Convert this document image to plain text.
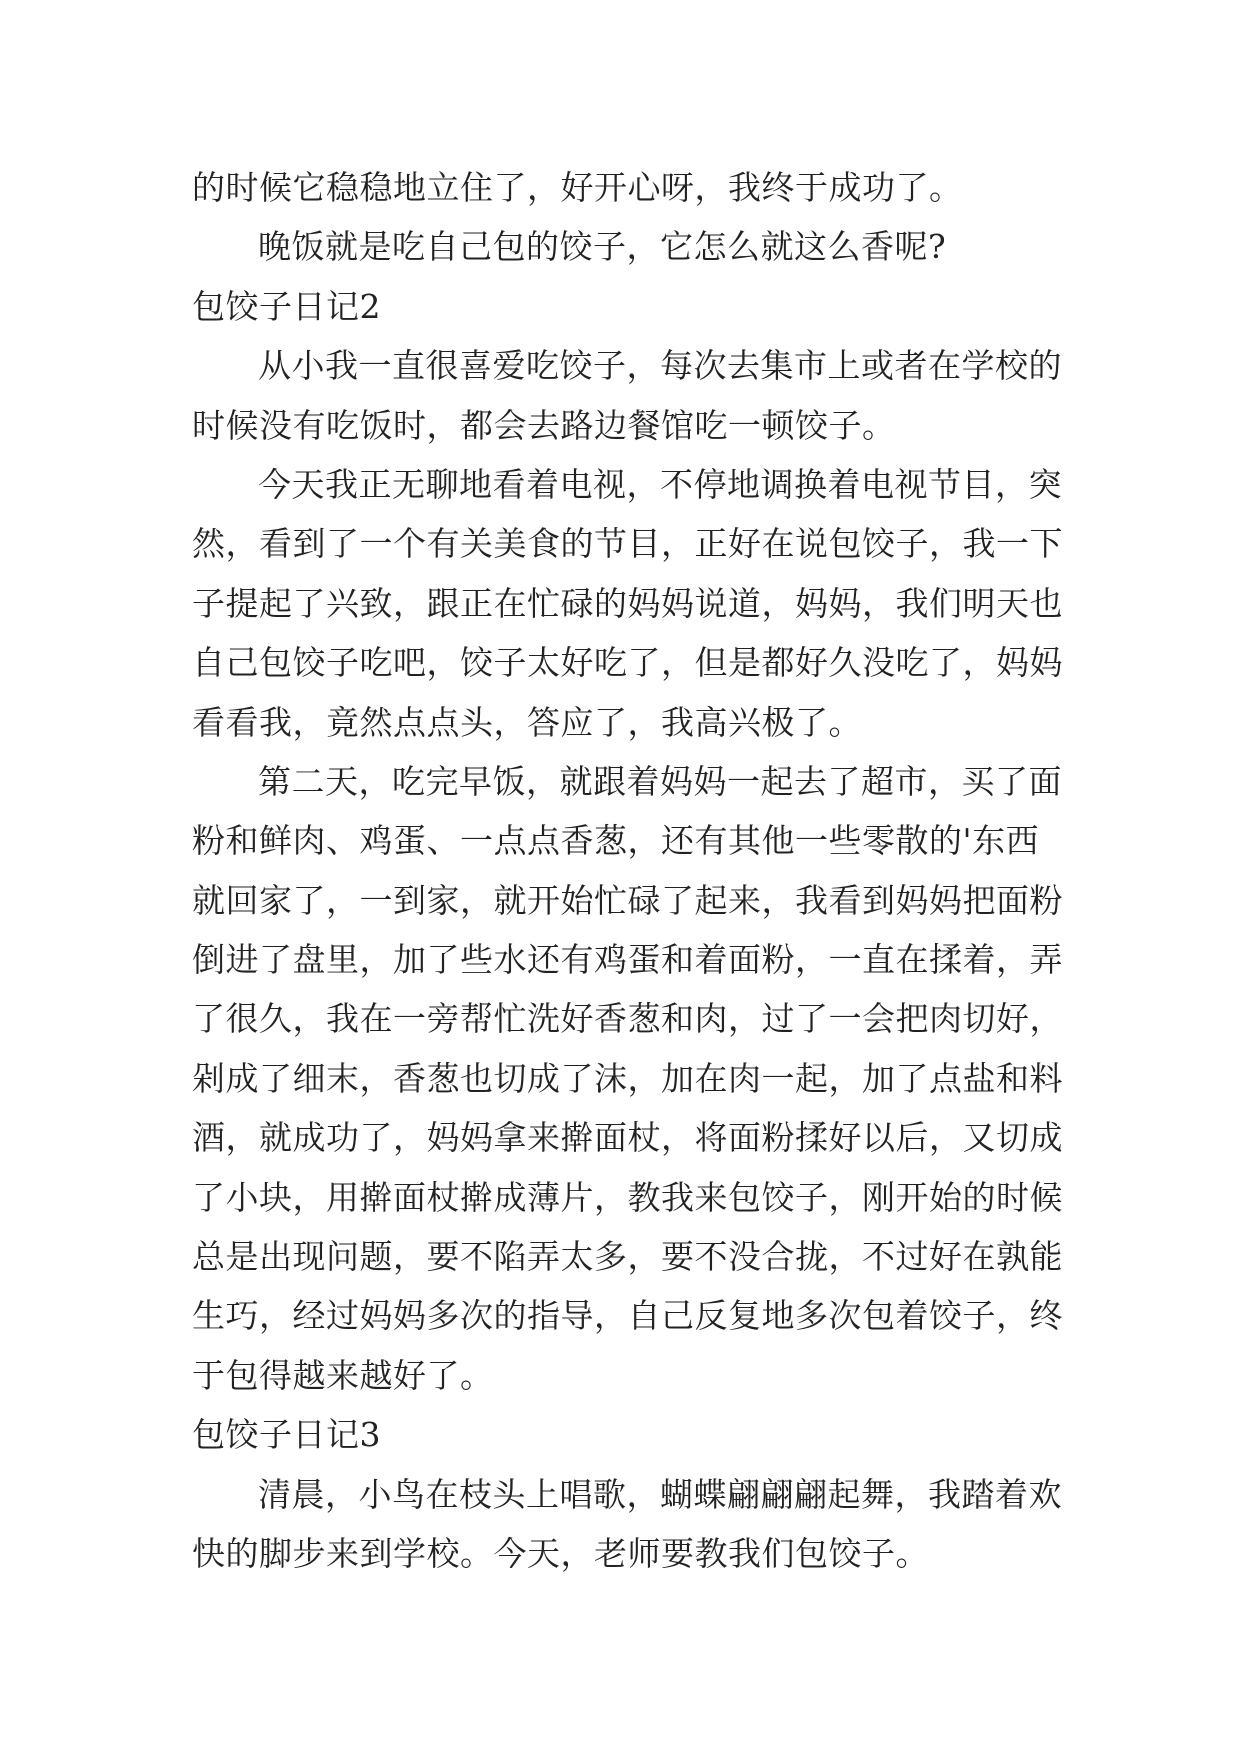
的时候它稳稳地立住了，好开心呀，我终于成功了。
晚饭就是吃自己包的饺子，它怎么就这么香呢?
包饺子日记2
从小我一直很喜爱吃饺子，每次去集市上或者在学校的
时候没有吃饭时，都会去路边餐馆吃一顿饺子。
今天我正无聊地看着电视，不停地调换着电视节目，突
然，看到了一个有关美食的节目，正好在说包饺子，我一下
子提起了兴致，跟正在忙碌的妈妈说道，妈妈，我们明天也
自己包饺子吃吧，饺子太好吃了，但是都好久没吃了，妈妈
看看我，竟然点点头，答应了，我高兴极了。
第二天，吃完早饭，就跟着妈妈一起去了超市，买了面
粉和鲜肉、鸡蛋、一点点香葱，还有其他一些零散的'东西
就回家了，一到家，就开始忙碌了起来，我看到妈妈把面粉
倒进了盘里，加了些水还有鸡蛋和着面粉，一直在揉着，弄
了很久，我在一旁帮忙洗好香葱和肉，过了一会把肉切好，
剁成了细末，香葱也切成了沫，加在肉一起，加了点盐和料
酒，就成功了，妈妈拿来擀面杖，将面粉揉好以后，又切成
了小块，用擀面杖擀成薄片，教我来包饺子，刚开始的时候
总是出现问题，要不陷弄太多，要不没合拢，不过好在孰能
生巧，经过妈妈多次的指导，自己反复地多次包着饺子，终
于包得越来越好了。
包饺子日记3
清晨，小鸟在枝头上唱歌，蝴蝶翩翩翩起舞，我踏着欢
快的脚步来到学校。今天，老师要教我们包饺子。
